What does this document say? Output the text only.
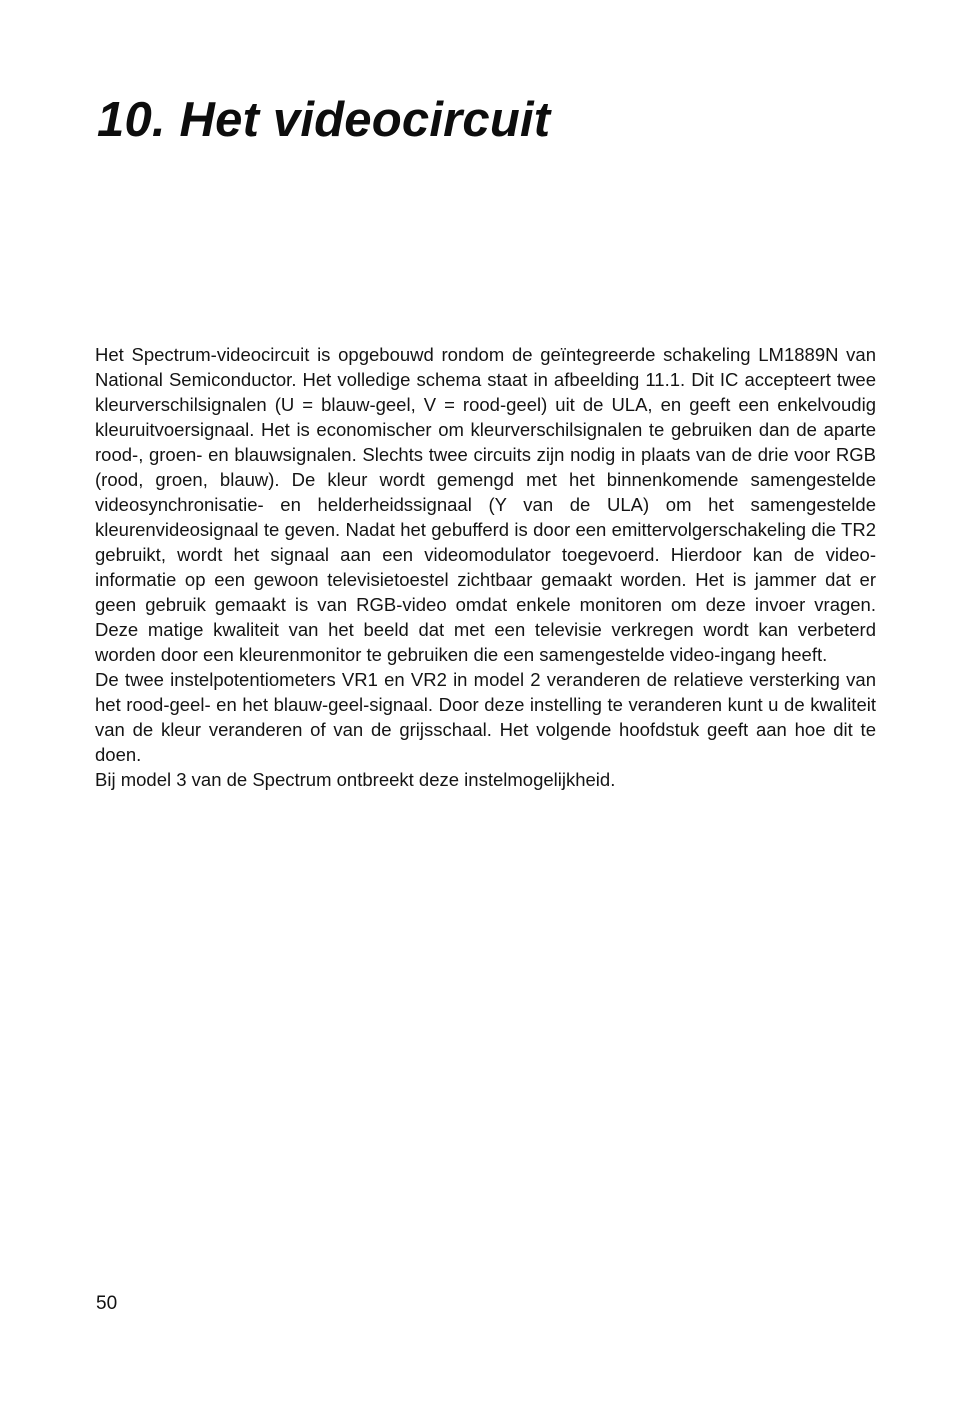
10. Het videocircuit

Het Spectrum-videocircuit is opgebouwd rondom de geïntegreerde schakeling LM1889N van National Semiconductor. Het volledige schema staat in afbeelding 11.1. Dit IC accepteert twee kleurverschilsignalen (U = blauw-geel, V = rood-geel) uit de ULA, en geeft een enkelvoudig kleuruitvoersignaal. Het is economischer om kleurverschilsignalen te gebruiken dan de aparte rood-, groen- en blauwsignalen. Slechts twee circuits zijn nodig in plaats van de drie voor RGB (rood, groen, blauw). De kleur wordt gemengd met het binnenkomende samengestelde videosynchronisatie- en helderheidssignaal (Y van de ULA) om het samengestelde kleurenvideosignaal te geven. Nadat het gebufferd is door een emittervolgerschakeling die TR2 gebruikt, wordt het signaal aan een videomodulator toegevoerd. Hierdoor kan de video-informatie op een gewoon televisietoestel zichtbaar gemaakt worden. Het is jammer dat er geen gebruik gemaakt is van RGB-video omdat enkele monitoren om deze invoer vragen. Deze matige kwaliteit van het beeld dat met een televisie verkregen wordt kan verbeterd worden door een kleurenmonitor te gebruiken die een samengestelde video-ingang heeft.

De twee instelpotentiometers VR1 en VR2 in model 2 veranderen de relatieve versterking van het rood-geel- en het blauw-geel-signaal. Door deze instelling te veranderen kunt u de kwaliteit van de kleur veranderen of van de grijsschaal. Het volgende hoofdstuk geeft aan hoe dit te doen.

Bij model 3 van de Spectrum ontbreekt deze instelmogelijkheid.

50
